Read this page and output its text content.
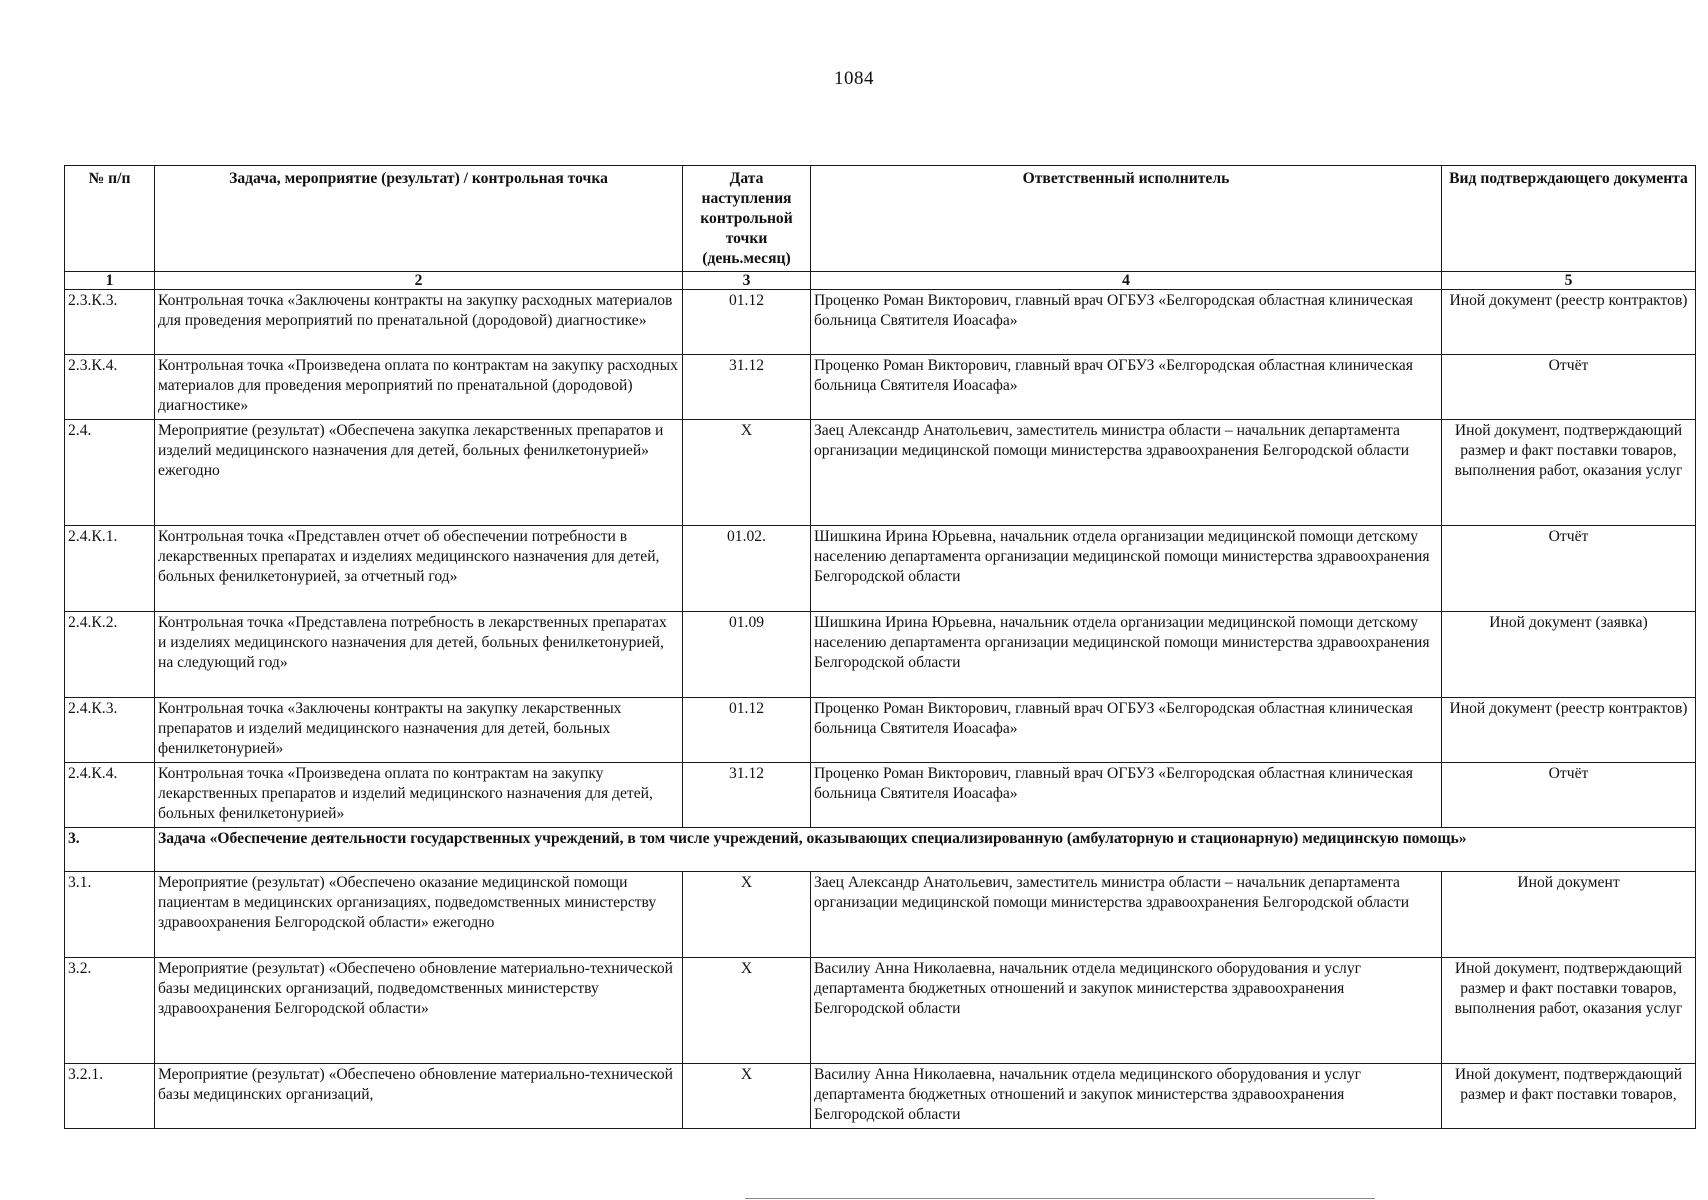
1084
№ п/п	Задача, мероприятие (результат) / контрольная точка	Дата наступления контрольной точки (день.месяц)	Ответственный исполнитель	Вид подтверждающего документа
1	2	3	4	5
2.3.К.3.	Контрольная точка «Заключены контракты на закупку расходных материалов для проведения мероприятий по пренатальной (дородовой) диагностике»	01.12	Проценко Роман Викторович, главный врач ОГБУЗ «Белгородская областная клиническая больница Святителя Иоасафа»	Иной документ (реестр контрактов)
2.3.К.4.	Контрольная точка «Произведена оплата по контрактам на закупку расходных материалов для проведения мероприятий по пренатальной (дородовой) диагностике»	31.12	Проценко Роман Викторович, главный врач ОГБУЗ «Белгородская областная клиническая больница Святителя Иоасафа»	Отчёт
2.4.	Мероприятие (результат) «Обеспечена закупка лекарственных препаратов и изделий медицинского назначения для детей, больных фенилкетонурией» ежегодно	X	Заец Александр Анатольевич, заместитель министра области – начальник департамента организации медицинской помощи министерства здравоохранения Белгородской области	Иной документ, подтверждающий размер и факт поставки товаров, выполнения работ, оказания услуг
2.4.К.1.	Контрольная точка «Представлен отчет об обеспечении потребности в лекарственных препаратах и изделиях медицинского назначения для детей, больных фенилкетонурией, за отчетный год»	01.02.	Шишкина Ирина Юрьевна, начальник отдела организации медицинской помощи детскому населению департамента организации медицинской помощи министерства здравоохранения Белгородской области	Отчёт
2.4.К.2.	Контрольная точка «Представлена потребность в лекарственных препаратах и изделиях медицинского назначения для детей, больных фенилкетонурией, на следующий год»	01.09	Шишкина Ирина Юрьевна, начальник отдела организации медицинской помощи детскому населению департамента организации медицинской помощи министерства здравоохранения Белгородской области	Иной документ (заявка)
2.4.К.3.	Контрольная точка «Заключены контракты на закупку лекарственных препаратов и изделий медицинского назначения для детей, больных фенилкетонурией»	01.12	Проценко Роман Викторович, главный врач ОГБУЗ «Белгородская областная клиническая больница Святителя Иоасафа»	Иной документ (реестр контрактов)
2.4.К.4.	Контрольная точка «Произведена оплата по контрактам на закупку лекарственных препаратов и изделий медицинского назначения для детей, больных фенилкетонурией»	31.12	Проценко Роман Викторович, главный врач ОГБУЗ «Белгородская областная клиническая больница Святителя Иоасафа»	Отчёт
3.	Задача «Обеспечение деятельности государственных учреждений, в том числе учреждений, оказывающих специализированную (амбулаторную и стационарную) медицинскую помощь»			
3.1.	Мероприятие (результат) «Обеспечено оказание медицинской помощи пациентам в медицинских организациях, подведомственных министерству здравоохранения Белгородской области» ежегодно	X	Заец Александр Анатольевич, заместитель министра области – начальник департамента организации медицинской помощи министерства здравоохранения Белгородской области	Иной документ
3.2.	Мероприятие (результат) «Обеспечено обновление материально-технической базы медицинских организаций, подведомственных министерству здравоохранения Белгородской области»	X	Василиу Анна Николаевна, начальник отдела медицинского оборудования и услуг департамента бюджетных отношений и закупок министерства здравоохранения Белгородской области	Иной документ, подтверждающий размер и факт поставки товаров, выполнения работ, оказания услуг
3.2.1.	Мероприятие (результат) «Обеспечено обновление материально-технической базы медицинских организаций,	X	Василиу Анна Николаевна, начальник отдела медицинского оборудования и услуг департамента бюджетных отношений и закупок министерства здравоохранения Белгородской области	Иной документ, подтверждающий размер и факт поставки товаров,
